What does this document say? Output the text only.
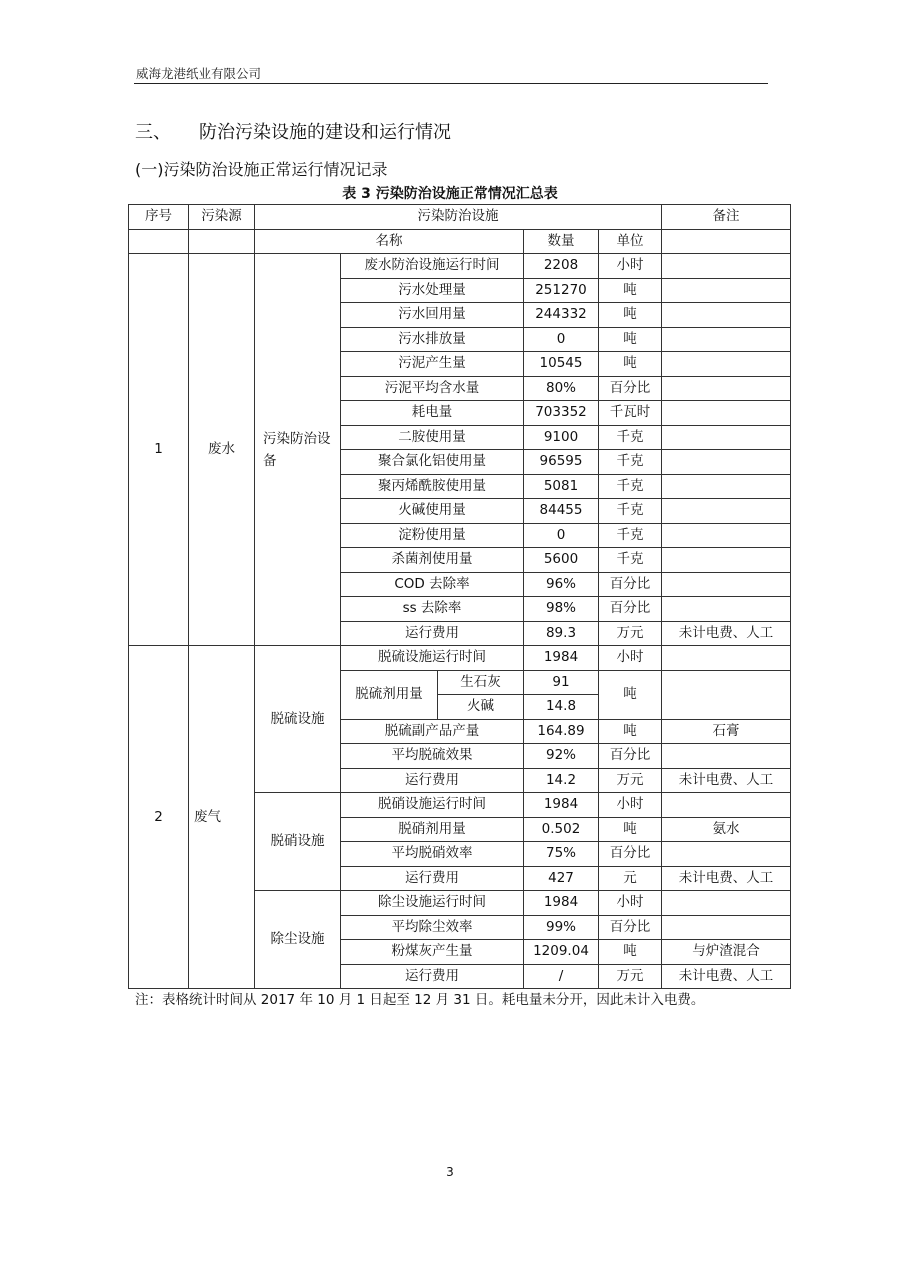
威海龙港纸业有限公司
三、 防治污染设施的建设和运行情况
(一)污染防治设施正常运行情况记录
表 3 污染防治设施正常情况汇总表
序号	污染源	污染防治设施					备注
		名称			数量	单位	
1	废水	污染防治设备	废水防治设施运行时间		2208	小时	
			污水处理量		251270	吨	
			污水回用量		244332	吨	
			污水排放量		0	吨	
			污泥产生量		10545	吨	
			污泥平均含水量		80%	百分比	
			耗电量		703352	千瓦时	
			二胺使用量		9100	千克	
			聚合氯化铝使用量		96595	千克	
			聚丙烯酰胺使用量		5081	千克	
			火碱使用量		84455	千克	
			淀粉使用量		0	千克	
			杀菌剂使用量		5600	千克	
			COD 去除率		96%	百分比	
			ss 去除率		98%	百分比	
			运行费用		89.3	万元	未计电费、人工
2	废气	脱硫设施	脱硫设施运行时间		1984	小时	
			脱硫剂用量	生石灰	91	吨	
				火碱	14.8		
			脱硫副产品产量		164.89	吨	石膏
			平均脱硫效果		92%	百分比	
			运行费用		14.2	万元	未计电费、人工
		脱硝设施	脱硝设施运行时间		1984	小时	
			脱硝剂用量		0.502	吨	氨水
			平均脱硝效率		75%	百分比	
			运行费用		427	元	未计电费、人工
		除尘设施	除尘设施运行时间		1984	小时	
			平均除尘效率		99%	百分比	
			粉煤灰产生量		1209.04	吨	与炉渣混合
			运行费用		/	万元	未计电费、人工
注：表格统计时间从 2017 年 10 月 1 日起至 12 月 31 日。耗电量未分开，因此未计入电费。
3
